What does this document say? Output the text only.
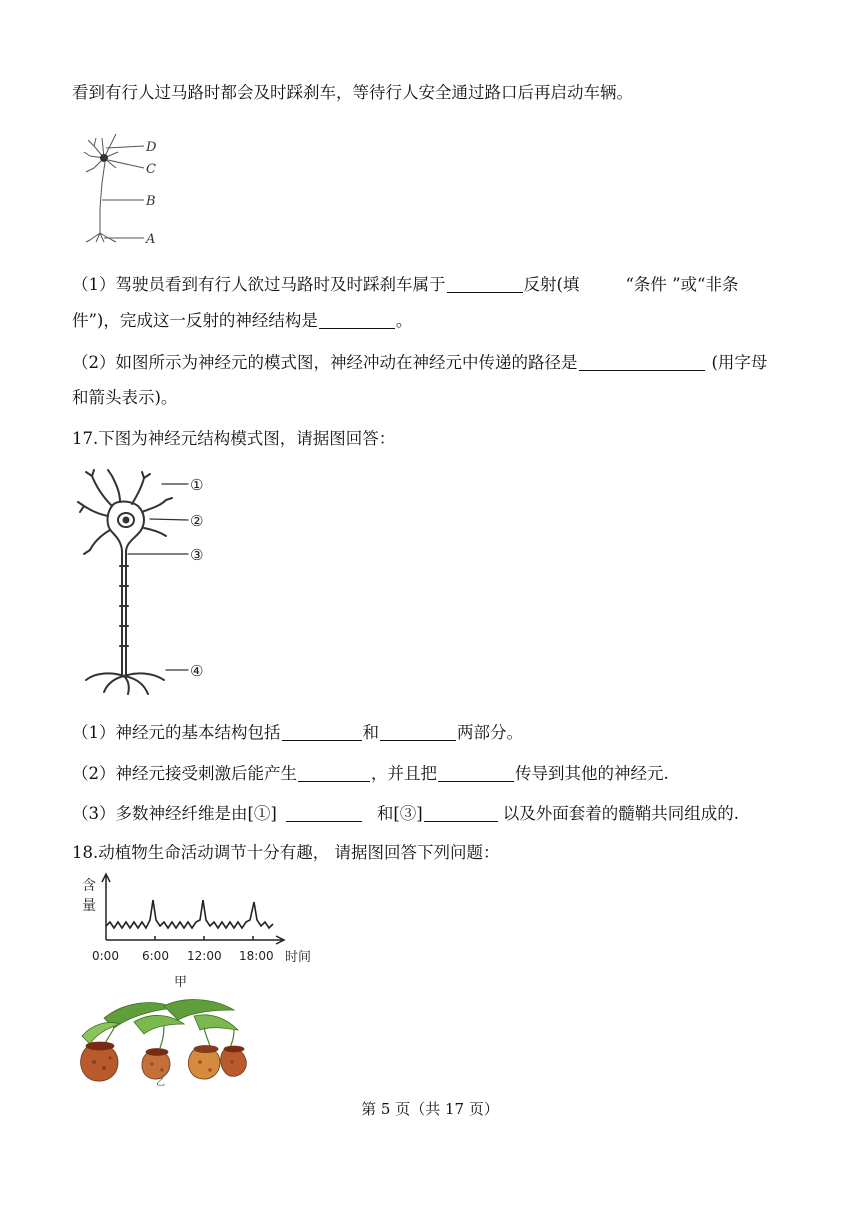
看到有行人过马路时都会及时踩刹车，等待行人安全通过路口后再启动车辆。
D
C
B
A
（1）驾驶员看到有行人欲过马路时及时踩刹车属于	反射(填	“条件 ”或“非条
件”)，完成这一反射的神经结构是	。
（2）如图所示为神经元的模式图，神经冲动在神经元中传递的路径是	(用字母
和箭头表示)。
17.下图为神经元结构模式图，请据图回答：
①
②
③
④
（1）神经元的基本结构包括	和	两部分。
（2）神经元接受刺激后能产生	，并且把	传导到其他的神经元.
（3）多数神经纤维是由[①]	和[③]	以及外面套着的髓鞘共同组成的.
18.动植物生命活动调节十分有趣， 请据图回答下列问题：
含
量
0:00 6:00 12:00 18:00 时间
甲
乙
第 5 页（共 17 页）
